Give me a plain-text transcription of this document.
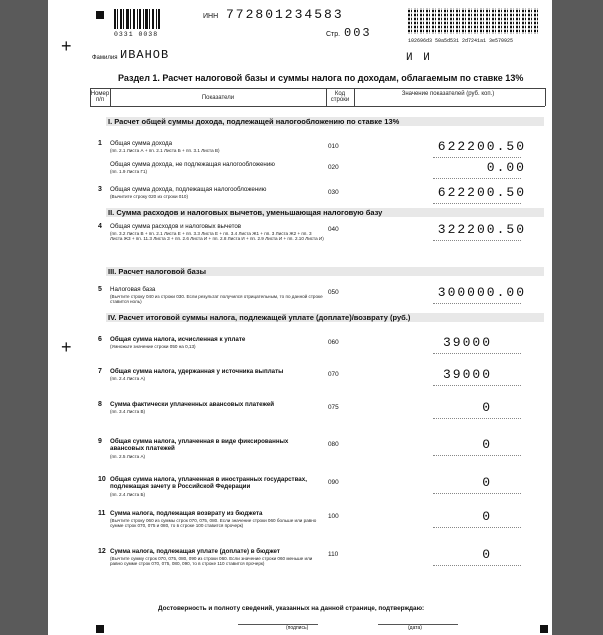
0331 0038
ИНН 772801234583
Стр. 003
102696d3 50a5d531 2d7241a1 3e570925
+
+
Фамилия ИВАНОВ	И И
Раздел 1. Расчет налоговой базы и суммы налога по доходам, облагаемым по ставке 13%
Номер п/п	Показатели
Код строки
Значение показателей (руб. коп.)
I. Расчет общей суммы дохода, подлежащей налогообложению по ставке 13%
II. Сумма расходов и налоговых вычетов, уменьшающая налоговую базу
III. Расчет налоговой базы
IV. Расчет итоговой суммы налога, подлежащей уплате (доплате)/возврату (руб.)
1 Общая сумма дохода
(пп. 2.1 Листа А + пп. 2.1 Листа Б + пп. 3.1 Листа В)
010	622200.50
Общая сумма дохода, не подлежащая налогообложению
(пп. 1.9 Листа Г1)
020	0.00
3 Общая сумма дохода, подлежащая налогообложению
(Вычитите строку 020 из строки 010)
030	622200.50
4 Общая сумма расходов и налоговых вычетов
(пп. 3.2 Листа В + пп. 2.1 Листа Е + пп. 3.3 Листа Е + пп. 3.4 Листа Ж1 + пп. 3 Листа Ж2 + пп. 3 Листа Ж3 + пп. 11.3 Листа З + пп. 2.6 Листа И + пп. 2.8 Листа И + пп. 2.9 Листа И + пп. 2.10 Листа И)
040	322200.50
5 Налоговая база
(Вычтите строку 040 из строки 030. Если результат получился отрицательным, то по данной строке ставится ноль)
050	300000.00
6 Общая сумма налога, исчисленная к уплате
(Умножьте значение строки 050 на 0,13)
060	39000
7 Общая сумма налога, удержанная у источника выплаты
(пп. 2.4 Листа А)
070	39000
8 Сумма фактически уплаченных авансовых платежей
(пп. 3.4 Листа В)
075	0
9 Общая сумма налога, уплаченная в виде фиксированных авансовых платежей
(пп. 2.5 Листа А)
080	0
10 Общая сумма налога, уплаченная в иностранных государствах, подлежащая зачету в Российской Федерации
(пп. 2.4 Листа Б)
090	0
11 Сумма налога, подлежащая возврату из бюджета
(Вычтите строку 060 из суммы строк 070, 075, 080. Если значение строки 060 больше или равно сумме строк 070, 075 и 080, то в строке 100 ставится прочерк)
100	0
12 Сумма налога, подлежащая уплате (доплате) в бюджет
(Вычтите сумму строк 070, 075, 080, 090 из строки 060. Если значение строки 060 меньше или равно сумме строк 070, 075, 080, 090, то в строке 110 ставится прочерк)
110	0
Достоверность и полноту сведений, указанных на данной странице, подтверждаю:
(подпись)	(дата)
